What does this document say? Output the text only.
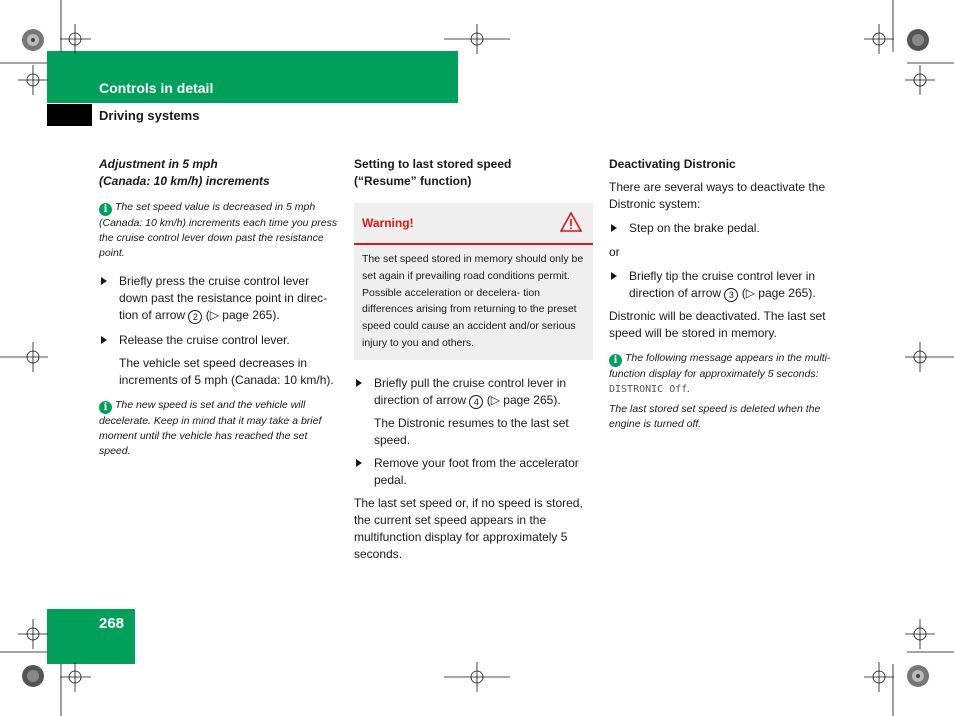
Controls in detail
Driving systems
268

Adjustment in 5 mph

(Canada: 10 km/h) increments

i The set speed value is decreased in 5 mph (Canada: 10 km/h) increments each time you press the cruise control lever down past the resistance point.

Briefly press the cruise control lever down past the resistance point in direc- tion of arrow 2 (▷ page 265).

Release the cruise control lever.

The vehicle set speed decreases in increments of 5 mph (Canada: 10 km/h).

i The new speed is set and the vehicle will decelerate. Keep in mind that it may take a brief moment until the vehicle has reached the set speed.

Setting to last stored speed

(“Resume” function)

Warning!
The set speed stored in memory should only be set again if prevailing road conditions permit. Possible acceleration or decelera- tion differences arising from returning to the preset speed could cause an accident and/or serious injury to you and others.

Briefly pull the cruise control lever in direction of arrow 4 (▷ page 265).

The Distronic resumes to the last set speed.

Remove your foot from the accelerator pedal.

The last set speed or, if no speed is stored, the current set speed appears in the multifunction display for approximately 5 seconds.

Deactivating Distronic

There are several ways to deactivate the Distronic system:

Step on the brake pedal.

or

Briefly tip the cruise control lever in direction of arrow 3 (▷ page 265).

Distronic will be deactivated. The last set speed will be stored in memory.

i The following message appears in the multi- function display for approximately 5 seconds: DISTRONIC Off.

The last stored set speed is deleted when the engine is turned off.
